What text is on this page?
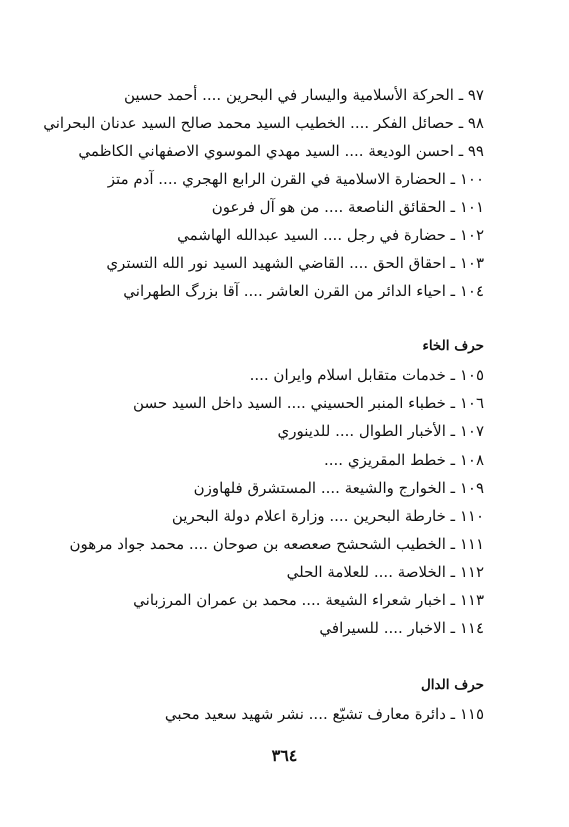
٩٧ ـ الحركة الأسلامية واليسار في البحرين .... أحمد حسين
٩٨ ـ حصائل الفكر .... الخطيب السيد محمد صالح السيد عدنان البحراني
٩٩ ـ احسن الوديعة .... السيد مهدي الموسوي الاصفهاني الكاظمي
١٠٠ ـ الحضارة الاسلامية في القرن الرابع الهجري .... آدم متز
١٠١ ـ الحقائق الناصعة .... من هو آل فرعون
١٠٢ ـ حضارة في رجل .... السيد عبدالله الهاشمي
١٠٣ ـ احقاق الحق .... القاضي الشهيد السيد نور الله التستري
١٠٤ ـ احياء الدائر من القرن العاشر .... آقا بزرگ الطهراني
حرف الخاء
١٠٥ ـ خدمات متقابل اسلام وايران ....
١٠٦ ـ خطباء المنبر الحسيني .... السيد داخل السيد حسن
١٠٧ ـ الأخبار الطوال .... للدينوري
١٠٨ ـ خطط المقريزي ....
١٠٩ ـ الخوارج والشيعة .... المستشرق فلهاوزن
١١٠ ـ خارطة البحرين .... وزارة اعلام دولة البحرين
١١١ ـ الخطيب الشحشح صعصعه بن صوحان .... محمد جواد مرهون
١١٢ ـ الخلاصة .... للعلامة الحلي
١١٣ ـ اخبار شعراء الشيعة .... محمد بن عمران المرزباني
١١٤ ـ الاخبار .... للسيرافي
حرف الدال
١١٥ ـ دائرة معارف تشيّع .... نشر شهيد سعيد محبي
٣٦٤
